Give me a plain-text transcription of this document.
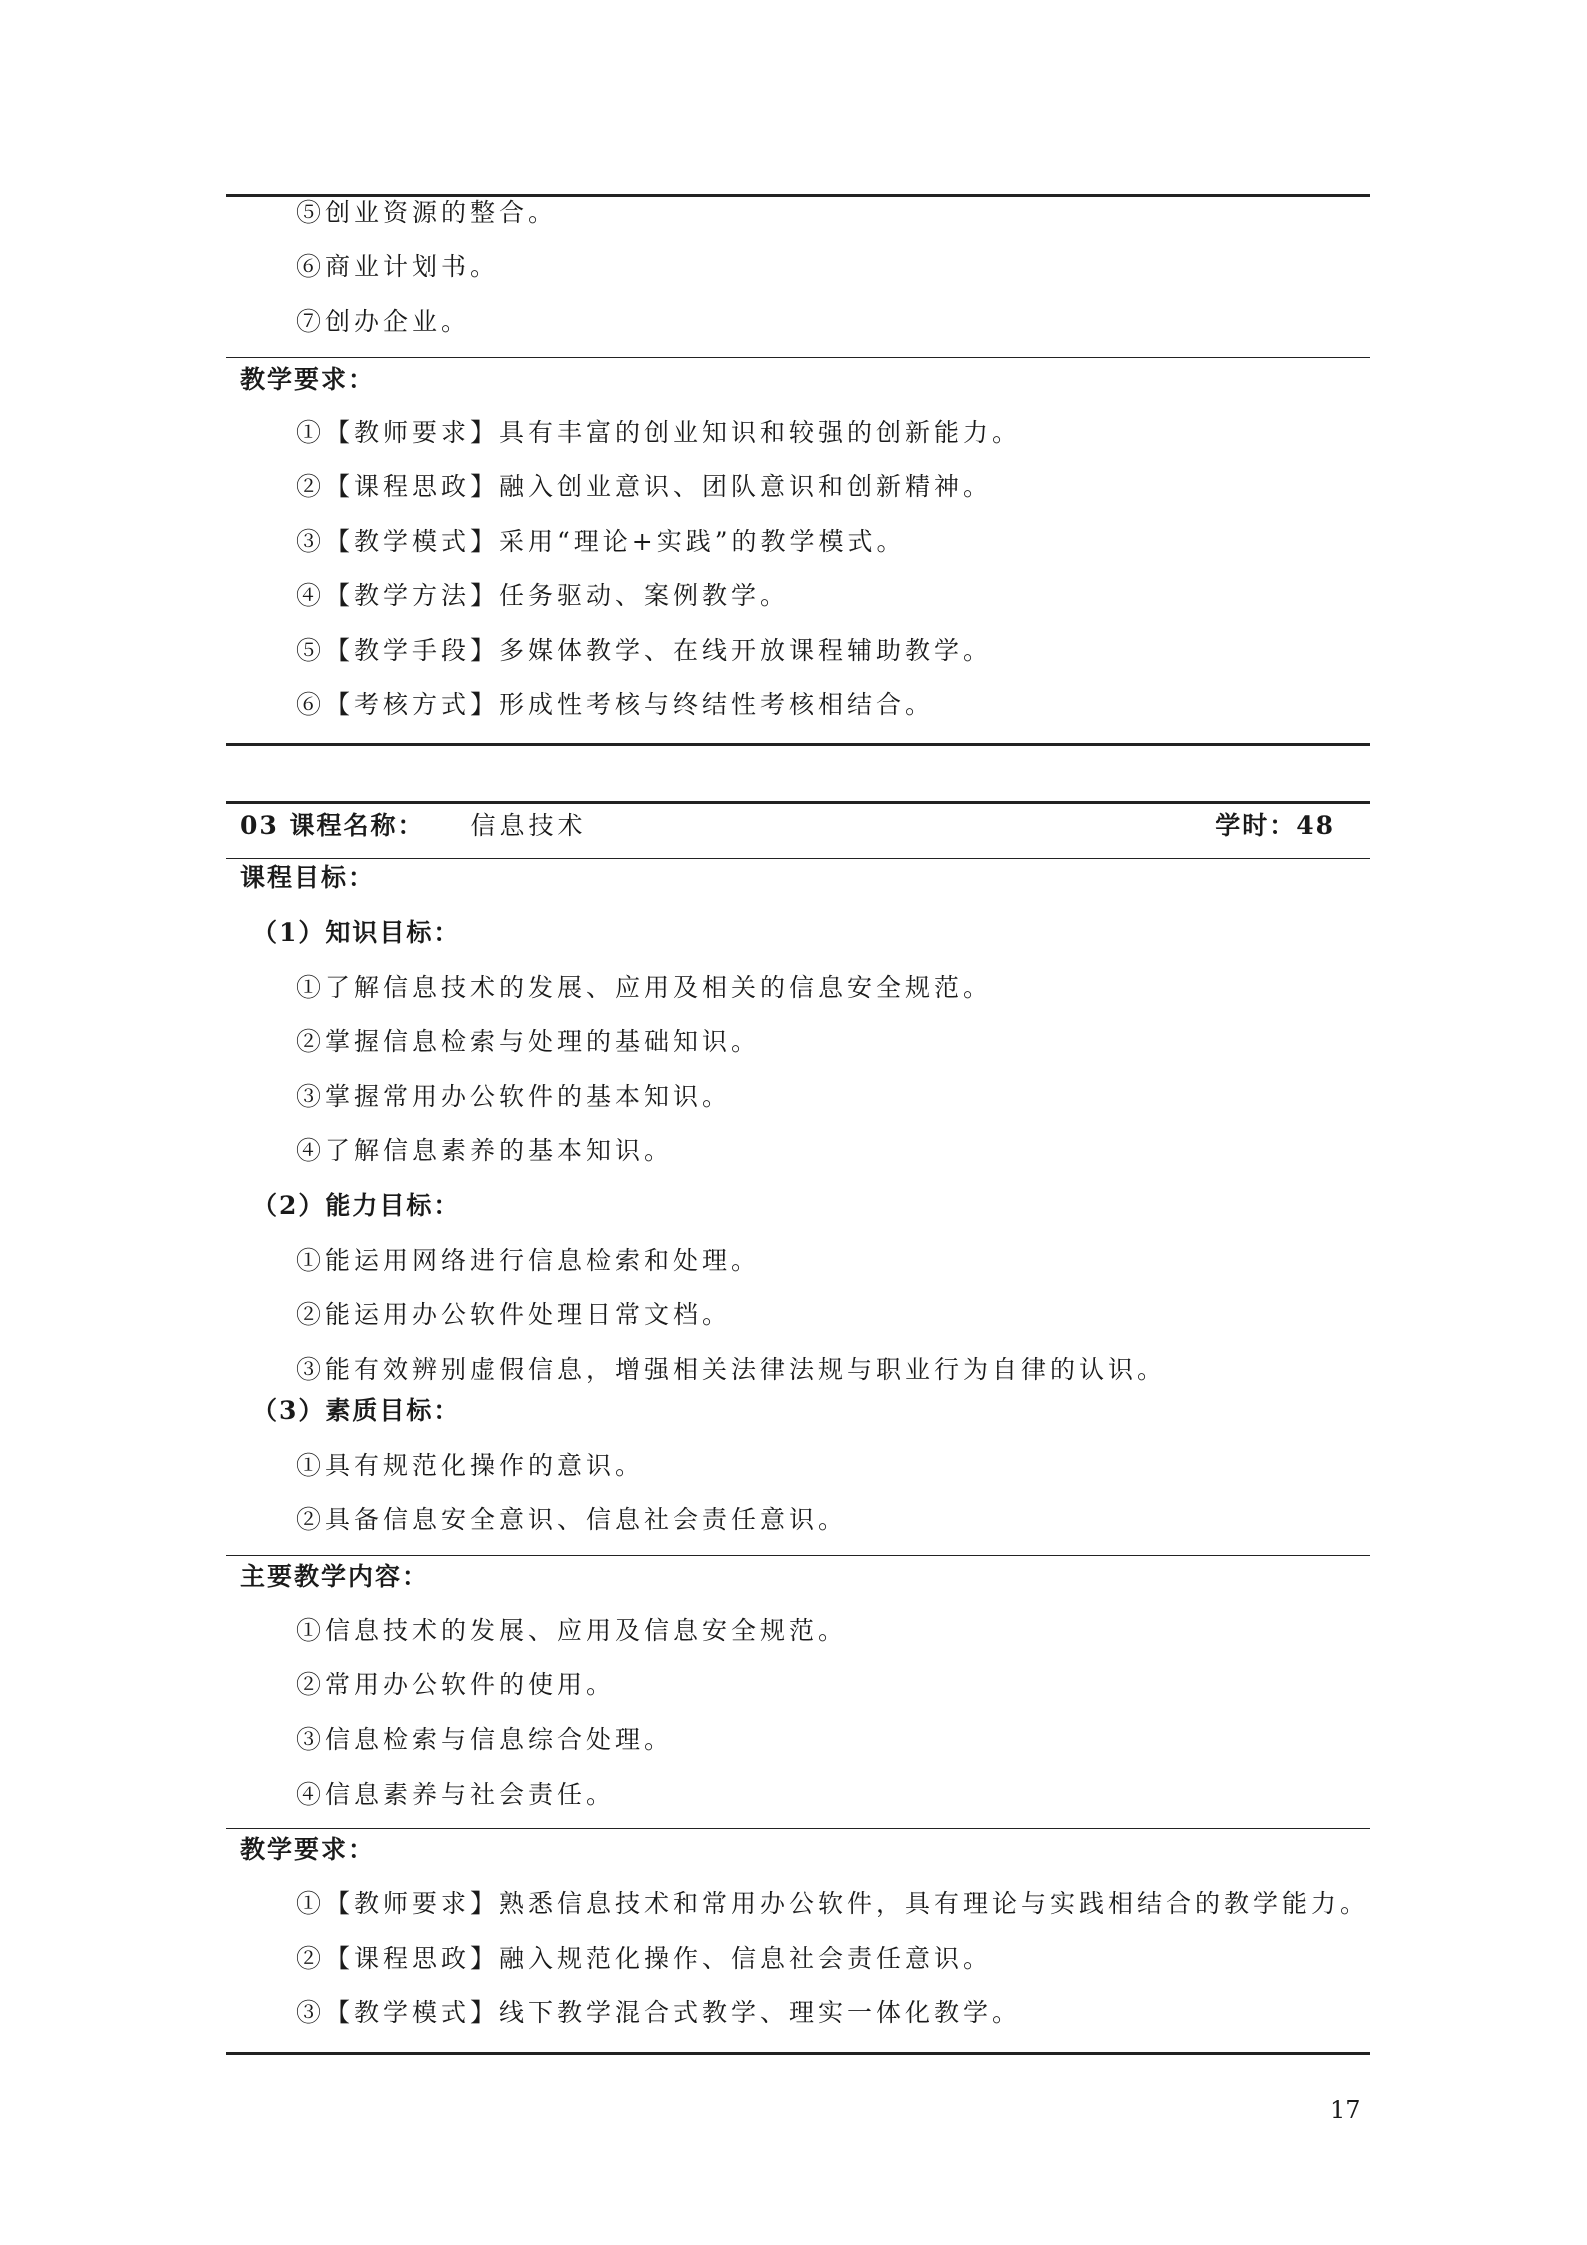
⑤创业资源的整合。
⑥商业计划书。
⑦创办企业。
教学要求：
①【教师要求】具有丰富的创业知识和较强的创新能力。
②【课程思政】融入创业意识、团队意识和创新精神。
③【教学模式】采用“理论+实践”的教学模式。
④【教学方法】任务驱动、案例教学。
⑤【教学手段】多媒体教学、在线开放课程辅助教学。
⑥【考核方式】形成性考核与终结性考核相结合。
03 课程名称： 信息技术	学时：48
课程目标：
（1）知识目标：
①了解信息技术的发展、应用及相关的信息安全规范。
②掌握信息检索与处理的基础知识。
③掌握常用办公软件的基本知识。
④了解信息素养的基本知识。
（2）能力目标：
①能运用网络进行信息检索和处理。
②能运用办公软件处理日常文档。
③能有效辨别虚假信息，增强相关法律法规与职业行为自律的认识。
（3）素质目标：
①具有规范化操作的意识。
②具备信息安全意识、信息社会责任意识。
主要教学内容：
①信息技术的发展、应用及信息安全规范。
②常用办公软件的使用。
③信息检索与信息综合处理。
④信息素养与社会责任。
教学要求：
①【教师要求】熟悉信息技术和常用办公软件，具有理论与实践相结合的教学能力。
②【课程思政】融入规范化操作、信息社会责任意识。
③【教学模式】线下教学混合式教学、理实一体化教学。
17
